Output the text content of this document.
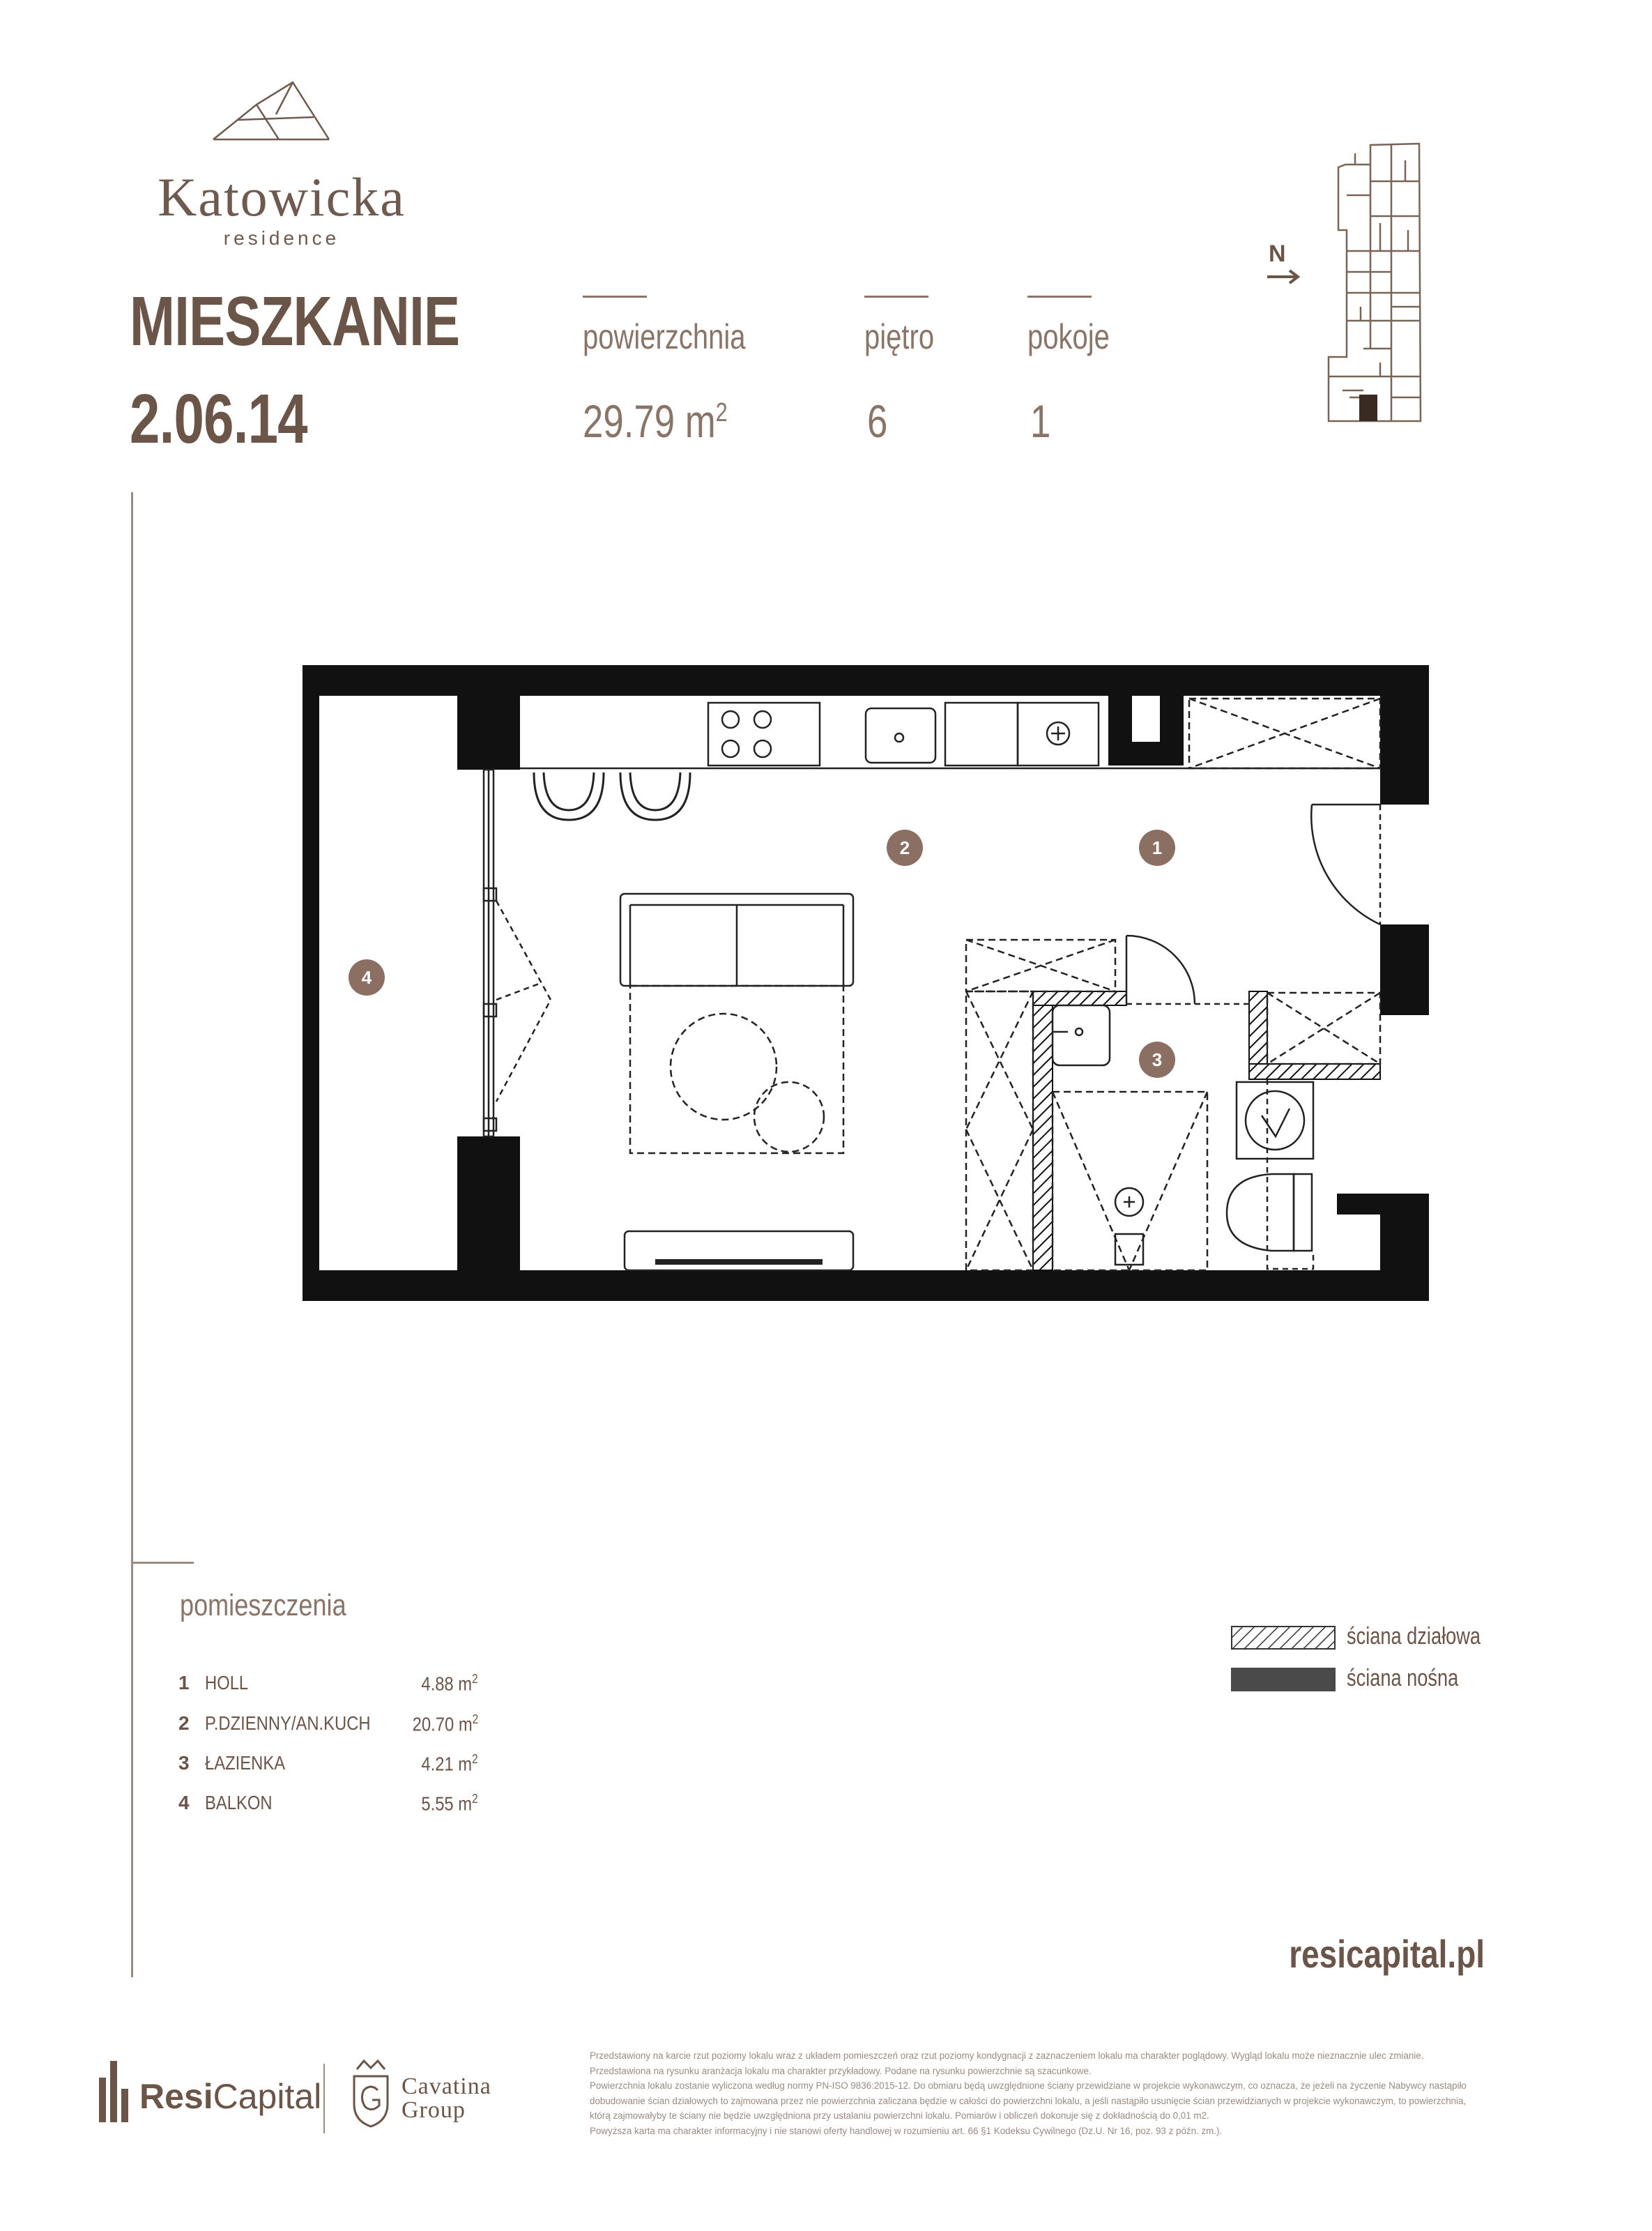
Katowicka
residence
MIESZKANIE
2.06.14
powierzchnia
29.79 $m^2$
piętro
6
pokoje
1
N
2	1
3
4
pomieszczenia
1 HOLL	4.88 $m^2$
2 P.DZIENNY/AN.KUCH 20.70 $m^2$
3 ŁAZIENKA	4.21 $m^2$
4 BALKON	5.55 $m^2$
ściana działowa
ściana nośna
resicapital.pl
ResiCapital	Cavatina
Group

Przedstawiony na karcie rzut poziomy lokalu wraz z układem pomieszczeń oraz rzut poziomy kondygnacji z zaznaczeniem lokalu ma charakter poglądowy. Wygląd lokalu może nieznacznie ulec zmianie.

Przedstawiona na rysunku aranżacja lokalu ma charakter przykładowy. Podane na rysunku powierzchnie są szacunkowe.

Powierzchnia lokalu zostanie wyliczona według normy PN-ISO 9836:2015-12. Do obmiaru będą uwzględnione ściany przewidziane w projekcie wykonawczym, co oznacza, że jeżeli na życzenie Nabywcy nastąpiło dobudowanie ścian działowych to zajmowana przez nie powierzchnia zaliczana będzie w całości do powierzchni lokalu, a jeśli nastąpiło usunięcie ścian przewidzianych w projekcie wykonawczym, to powierzchnia, którą zajmowałyby te ściany nie będzie uwzględniona przy ustalaniu powierzchni lokalu. Pomiarów i obliczeń dokonuje się z dokładnością do 0,01 m2.

Powyższa karta ma charakter informacyjny i nie stanowi oferty handlowej w rozumieniu art. 66 §1 Kodeksu Cywilnego (Dz.U. Nr 16, poz. 93 z późn. zm.).
